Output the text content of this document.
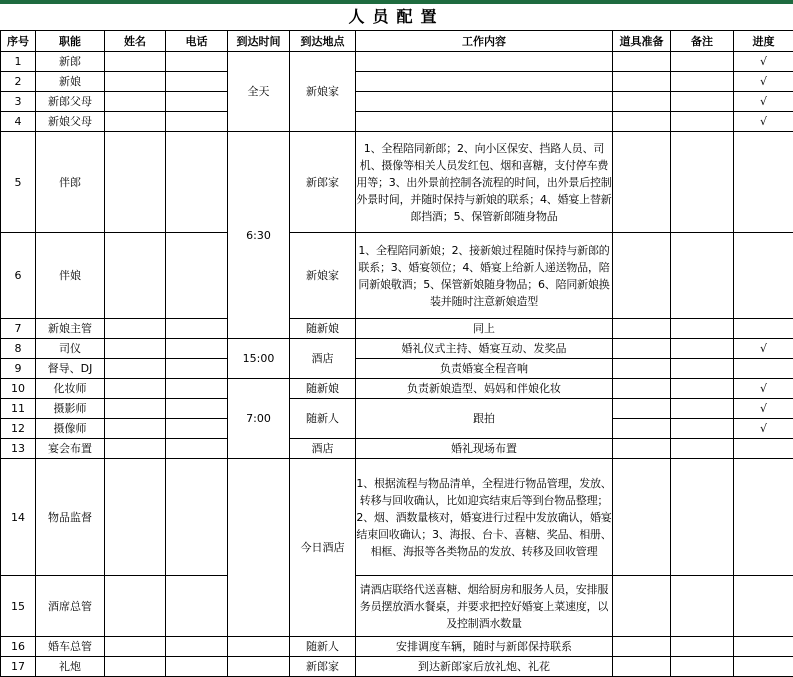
人员配置
序号	职能	姓名	电话	到达时间	到达地点	工作内容	道具准备	备注	进度
1	新郎			全天	新娘家				√
2	新娘								√
3	新郎父母								√
4	新娘父母								√
5	伴郎			6:30	新郎家	1、全程陪同新郎；2、向小区保安、挡路人员、司机、摄像等相关人员发红包、烟和喜糖，支付停车费用等；3、出外景前控制各流程的时间，出外景后控制外景时间，并随时保持与新娘的联系；4、婚宴上替新郎挡酒；5、保管新郎随身物品			
6	伴娘				新娘家	1、全程陪同新娘；2、接新娘过程随时保持与新郎的联系；3、婚宴领位；4、婚宴上给新人递送物品，陪同新娘敬酒；5、保管新娘随身物品；6、陪同新娘换装并随时注意新娘造型			
7	新娘主管				随新娘	同上			
8	司仪			15:00	酒店	婚礼仪式主持、婚宴互动、发奖品			√
9	督导、DJ					负责婚宴全程音响			
10	化妆师			7:00	随新娘	负责新娘造型、妈妈和伴娘化妆			√
11	摄影师				随新人	跟拍			√
12	摄像师								√
13	宴会布置				酒店	婚礼现场布置			
14	物品监督				今日酒店	1、根据流程与物品清单，全程进行物品管理，发放、转移与回收确认，比如迎宾结束后等到台物品整理；2、烟、酒数量核对，婚宴进行过程中发放确认，婚宴结束回收确认；3、海报、台卡、喜糖、奖品、相册、相框、海报等各类物品的发放、转移及回收管理			
15	酒席总管					请酒店联络代送喜糖、烟给厨房和服务人员，安排服务员摆放酒水餐桌，并要求把控好婚宴上菜速度，以及控制酒水数量			
16	婚车总管				随新人	安排调度车辆，随时与新郎保持联系			
17	礼炮				新郎家	到达新郎家后放礼炮、礼花			
